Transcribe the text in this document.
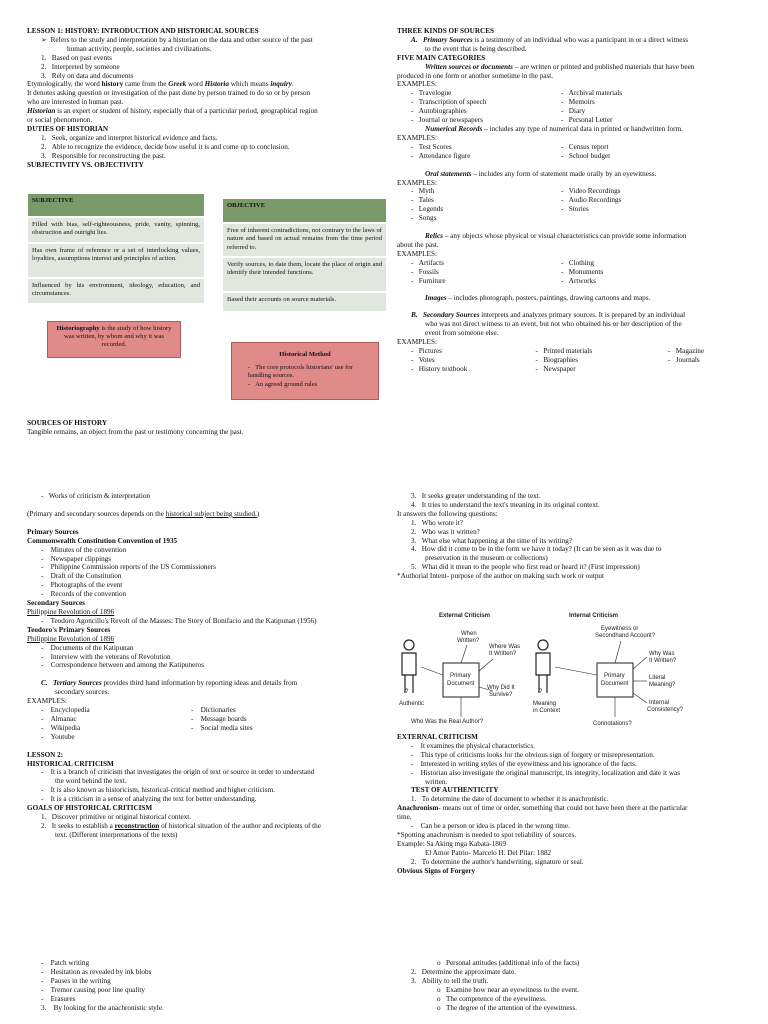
LESSON 1: HISTORY: INTRODUCTION AND HISTORICAL SOURCES

➢  Refers to the study and interpretation by a historian on the data and other source of the past

human activity, people, societies and civilizations.

1.   Based on past events

2.   Interpreted by someone

3.   Rely on data and documents

Etymologically, the word history came from the Greek word Historia which means inquiry.

It denotes asking question or investigation of the past done by person trained to do so or by person

who are interested in human past.

Historian is an expert or student of history, especially that of a particular period, geographical region

or social phenomenon.

DUTIES OF HISTORIAN

1.   Seek, organize and interpret historical evidence and facts.

2.   Able to recognize the evidence, decide how useful it is and come up to conclusion.

3.   Responsible for reconstructing the past.

SUBJECTIVITY VS. OBJECTIVITY

SUBJECTIVE
Filled with bias, self-righteousness, pride, vanity, spinning, obstruction and outright lies.
Has own frame of reference or a set of interlocking values, loyalties, assumptions interest and principles of action.
Influenced by his environment, ideology, education, and circumstances.
OBJECTIVE
Free of inherent contradictions, not contrary to the laws of nature and based on actual remains from the time period referred to.
Verify sources, to date them, locate the place of origin and identify their intended functions.
Based their accounts on source materials.
Historiography is the study of how history was written, by whom and why it was recorded.
Historical Method
-   The core protocols historians' use for handling sources.
-   An agreed ground rules

SOURCES OF HISTORY

Tangible remains, an object from the past or testimony concerning the past.

THREE KINDS OF SOURCES

A. Primary Sources is a testimony of an individual who was a participant in or a direct witness

to the event that is being described.

FIVE MAIN CATEGORIES

Written sources or documents – are written or printed and published materials that have been

produced in one form or another sometime in the past.

EXAMPLES:

-   Travelogue

-   Transcription of speech

-   Autobiographies

-   Journal or newspapers

-   Archival materials

-   Memoirs

-   Diary

-   Personal Letter

Numerical Records – includes any type of numerical data in printed or handwritten form.

EXAMPLES:

-   Test Scores

-   Attendance figure

-   Census report

-   School budget

Oral statements – includes any form of statement made orally by an eyewitness.

EXAMPLES:

-   Myth

-   Tales

-   Legends

-   Songs

-   Video Recordings

-   Audio Recordings

-   Stories

Relics – any objects whose physical or visual characteristics can provide some information

about the past.

EXAMPLES:

-   Artifacts

-   Fossils

-   Furniture

-   Clothing

-   Monuments

-   Artworks

Images – includes photograph, posters, paintings, drawing cartoons and maps.

B. Secondary Sources interprets and analyzes primary sources. It is prepared by an individual

who was not direct witness to an event, but not who obtained his or her description of the

event from someone else.

EXAMPLES:

-   Pictures

-   Votes

-   History textbook

-   Printed materials

-   Biographies

-   Newspaper

-   Magazine

-   Journals

-   Works of criticism & interpretation

(Primary and secondary sources depends on the historical subject being studied.)

Primary Sources

Commonwealth Constitution Convention of 1935

-    Minutes of the convention

-    Newspaper clippings

-    Philippine Commission reports of the US Commissioners

-    Draft of the Constitution

-    Photographs of the event

-    Records of the convention

Secondary Sources

Philippine Revolution of 1896

-    Teodoro Agoncillo's Revolt of the Masses: The Story of Bonifacio and the Katipunan (1956)

Teodoro's Primary Sources

Philippine Revolution of 1896

-    Documents of the Katipunan

-    Interview with the veterans of Revolution

-    Correspondence between and among the Katipuneros

C. Tertiary Sources provides third hand information by reporting ideas and details from

secondary sources.

EXAMPLES:

-    Encyclopedia

-    Almanac

-    Wikipedia

-    Youtube

-    Dictionaries

-    Message boards

-    Social media sites

LESSON 2:

HISTORICAL CRITICISM

-    It is a branch of criticism that investigates the origin of text or source in order to understand

the word behind the text.

-    It is also known as historicism, historical-critical method and higher criticism.

-    It is a criticism in a sense of analyzing the text for better understanding.

GOALS OF HISTORICAL CRITICISM

1.   Discover primitive or original historical context.

2.   It seeks to establish a reconstruction of historical situation of the author and recipients of the

text. (Different interpretations of the texts)

3.   It seeks greater understanding of the text.

4.   It tries to understand the text's meaning in its original context.

It answers the following questions:

1.   Who wrote it?

2.   Who was it written?

3.   What else what happening at the time of its writing?

4.   How did it come to be in the form we have it today? (It can be seen as it was due to

preservation in the museum or collections)

5.   What did it mean to the people who first read or heard it? (First impression)

*Authorial Intent- purpose of the author on making such work or output

External Criticism	Internal Criticism
?
Authentic
Primary
Document
When
Written?
Where Was
It Written?
Why Did It
Survive?
Who Was the Real Author?
?
Meaning
in Context
Primary
Document
Eyewitness or
Secondhand Account?
Why Was
It Written?
Literal
Meaning?
Internal
Consistency?
Connotations?

EXTERNAL CRITICISM

-    It examines the physical characteristics.

-    This type of criticisms looks for the obvious sign of forgery or misrepresentation.

-    Interested in writing styles of the eyewitness and his ignorance of the facts.

-    Historian also investigate the original manuscript, its integrity, localization and date it was

written.

TEST OF AUTHENTICITY

1.   To determine the date of document to whether it is anachronistic.

Anachronism- means out of time or order, something that could not have been there at the particular

time.

-    Can be a person or idea is placed in the wrong time.

*Spotting anachronism is needed to spot reliability of sources.

Example: Sa Aking mga Kabata-1869

El Amor Patrio- Marcelo H. Del Pilar: 1882

2.   To determine the author's handwriting, signature or seal.

Obvious Signs of Forgery

-    Patch writing

-    Hesitation as revealed by ink blobs

-    Pauses in the writing

-    Tremor causing poor line quality

-    Erasures

3.    By looking for the anachronistic style.

o   Personal attitudes (additional info of the facts)

2.   Determine the approximate date.

3.   Ability to tell the truth.

o   Examine how near an eyewitness to the event.

o   The competence of the eyewitness.

o   The degree of the attention of the eyewitness.
